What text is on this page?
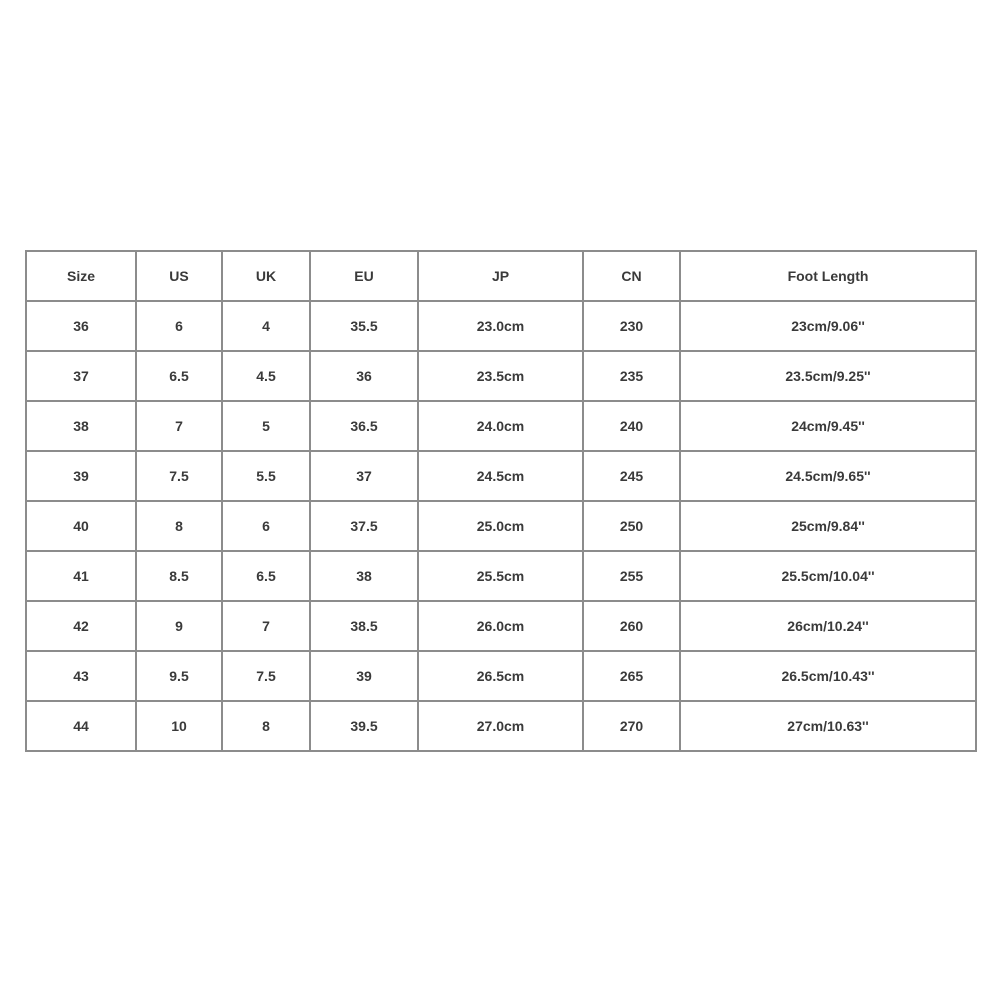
Size	US	UK	EU	JP	CN	Foot Length
36	6	4	35.5	23.0cm	230	23cm/9.06''
37	6.5	4.5	36	23.5cm	235	23.5cm/9.25''
38	7	5	36.5	24.0cm	240	24cm/9.45''
39	7.5	5.5	37	24.5cm	245	24.5cm/9.65''
40	8	6	37.5	25.0cm	250	25cm/9.84''
41	8.5	6.5	38	25.5cm	255	25.5cm/10.04''
42	9	7	38.5	26.0cm	260	26cm/10.24''
43	9.5	7.5	39	26.5cm	265	26.5cm/10.43''
44	10	8	39.5	27.0cm	270	27cm/10.63''
